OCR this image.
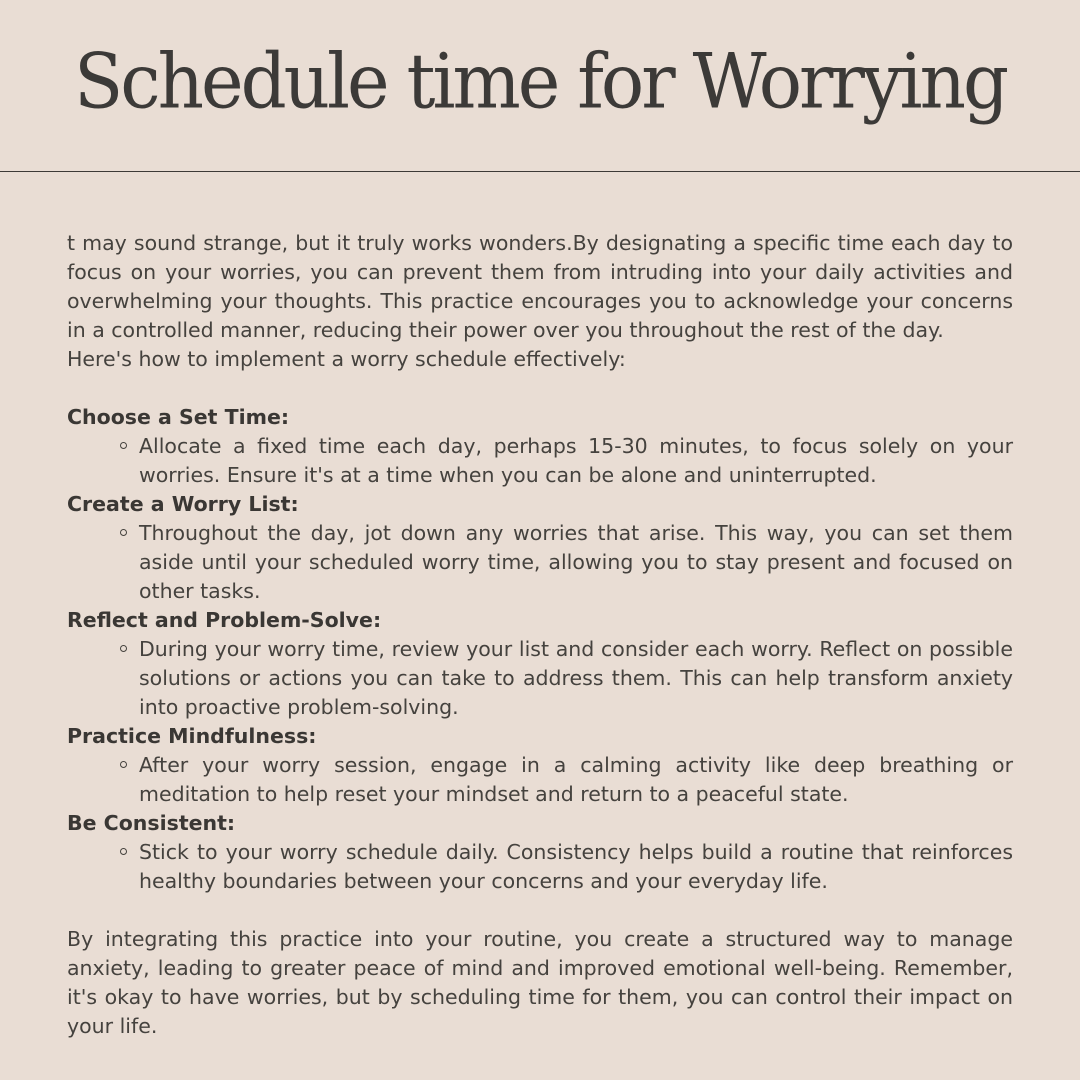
Schedule time for Worrying

t may sound strange, but it truly works wonders.By designating a specific time each day to focus on your worries, you can prevent them from intruding into your daily activities and overwhelming your thoughts. This practice encourages you to acknowledge your concerns in a controlled manner, reducing their power over you throughout the rest of the day.

Here's how to implement a worry schedule effectively:

Choose a Set Time:

Allocate a fixed time each day, perhaps 15-30 minutes, to focus solely on your worries. Ensure it's at a time when you can be alone and uninterrupted.

Create a Worry List:

Throughout the day, jot down any worries that arise. This way, you can set them aside until your scheduled worry time, allowing you to stay present and focused on other tasks.

Reflect and Problem-Solve:

During your worry time, review your list and consider each worry. Reflect on possible solutions or actions you can take to address them. This can help transform anxiety into proactive problem-solving.

Practice Mindfulness:

After your worry session, engage in a calming activity like deep breathing or meditation to help reset your mindset and return to a peaceful state.

Be Consistent:

Stick to your worry schedule daily. Consistency helps build a routine that reinforces healthy boundaries between your concerns and your everyday life.

By integrating this practice into your routine, you create a structured way to manage anxiety, leading to greater peace of mind and improved emotional well-being. Remember, it's okay to have worries, but by scheduling time for them, you can control their impact on your life.
